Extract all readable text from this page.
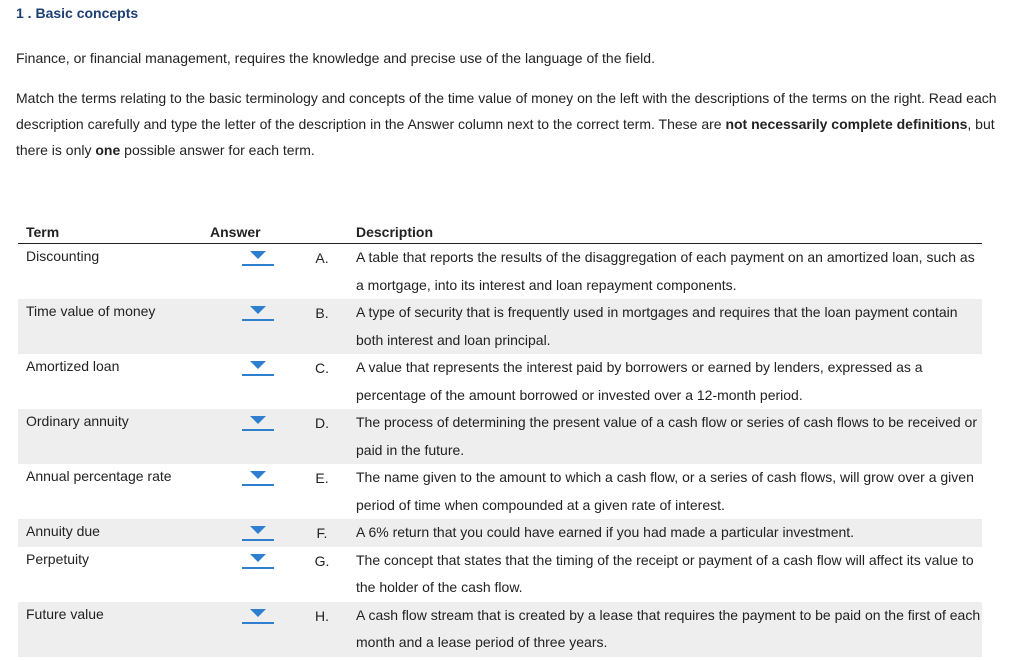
1 . Basic concepts

Finance, or financial management, requires the knowledge and precise use of the language of the field.

Match the terms relating to the basic terminology and concepts of the time value of money on the left with the descriptions of the terms on the right. Read each description carefully and type the letter of the description in the Answer column next to the correct term. These are not necessarily complete definitions, but there is only one possible answer for each term.

Term	Answer		Description
Discounting		A.	A table that reports the results of the disaggregation of each payment on an amortized loan, such as a mortgage, into its interest and loan repayment components.
Time value of money		B.	A type of security that is frequently used in mortgages and requires that the loan payment contain both interest and loan principal.
Amortized loan		C.	A value that represents the interest paid by borrowers or earned by lenders, expressed as a percentage of the amount borrowed or invested over a 12-month period.
Ordinary annuity		D.	The process of determining the present value of a cash flow or series of cash flows to be received or paid in the future.
Annual percentage rate		E.	The name given to the amount to which a cash flow, or a series of cash flows, will grow over a given period of time when compounded at a given rate of interest.
Annuity due		F.	A 6% return that you could have earned if you had made a particular investment.
Perpetuity		G.	The concept that states that the timing of the receipt or payment of a cash flow will affect its value to the holder of the cash flow.
Future value		H.	A cash flow stream that is created by a lease that requires the payment to be paid on the first of each month and a lease period of three years.
